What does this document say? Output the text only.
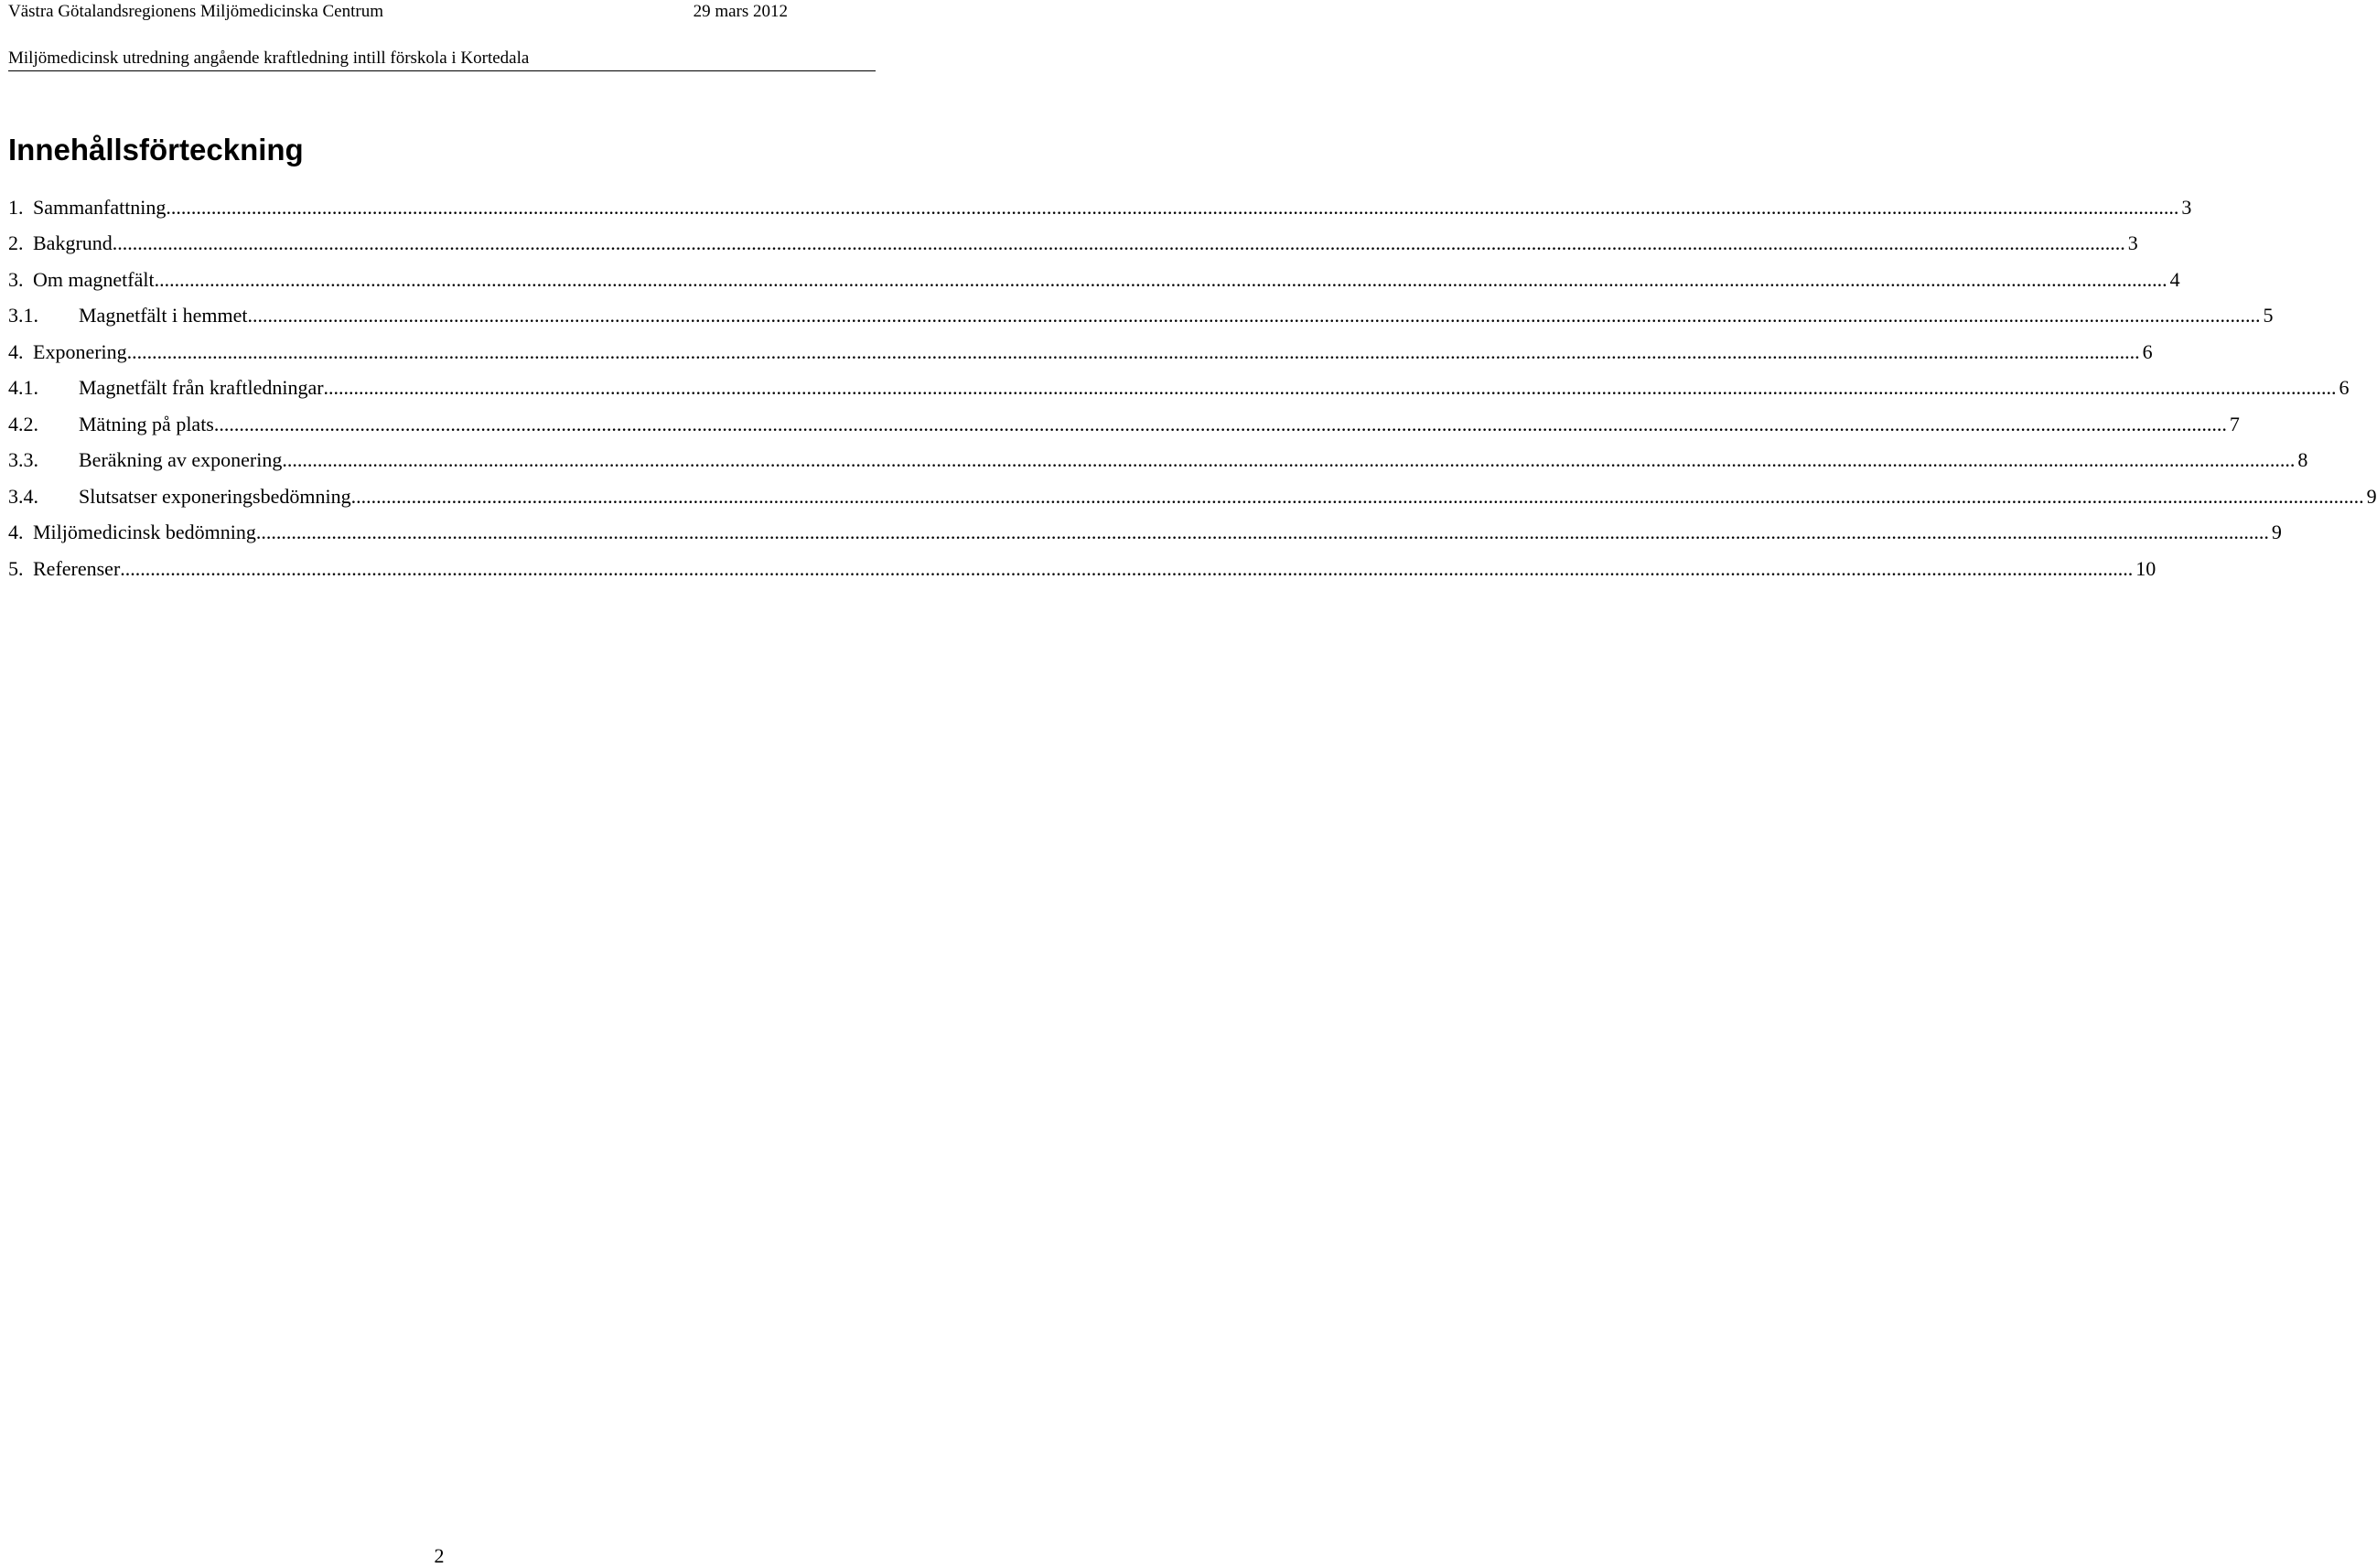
Västra Götalandsregionens Miljömedicinska Centrum	29 mars 2012
Miljömedicinsk utredning angående kraftledning intill förskola i Kortedala
Innehållsförteckning
1. Sammanfattning ................................................................................................................................................................................................................................................................................................................................................................................................................ 3
2. Bakgrund ................................................................................................................................................................................................................................................................................................................................................................................................................ 3
3. Om magnetfält ................................................................................................................................................................................................................................................................................................................................................................................................................ 4
3.1. Magnetfält i hemmet ................................................................................................................................................................................................................................................................................................................................................................................................................ 5
4. Exponering ................................................................................................................................................................................................................................................................................................................................................................................................................ 6
4.1. Magnetfält från kraftledningar ................................................................................................................................................................................................................................................................................................................................................................................................................ 6
4.2. Mätning på plats ................................................................................................................................................................................................................................................................................................................................................................................................................ 7
3.3. Beräkning av exponering ................................................................................................................................................................................................................................................................................................................................................................................................................ 8
3.4. Slutsatser exponeringsbedömning ................................................................................................................................................................................................................................................................................................................................................................................................................ 9
4. Miljömedicinsk bedömning ................................................................................................................................................................................................................................................................................................................................................................................................................ 9
5. Referenser ................................................................................................................................................................................................................................................................................................................................................................................................................ 10
2
